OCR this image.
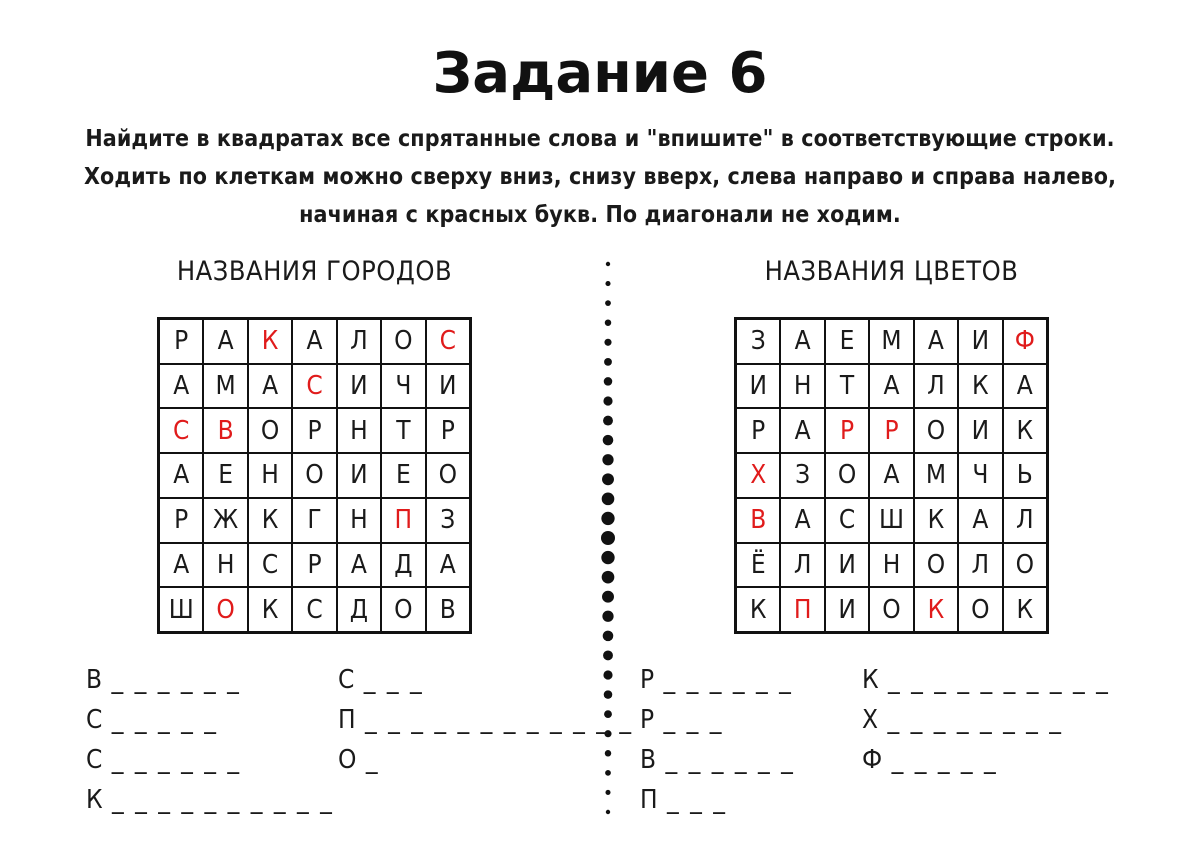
Задание 6
Найдите в квадратах все спрятанные слова и "впишите" в соответствующие строки.
Ходить по клеткам можно сверху вниз, снизу вверх, слева направо и справа налево,
начиная с красных букв. По диагонали не ходим.
НАЗВАНИЯ ГОРОДОВ	НАЗВАНИЯ ЦВЕТОВ
Р	А	К	А	Л	О	С
А	М	А	С	И	Ч	И
С	В	О	Р	Н	Т	Р
А	Е	Н	О	И	Е	О
Р Ж К	Г	Н	П	З
А	Н	С	Р	А	Д	А
Ш О	К	С	Д	О	В
З	А	Е	М	А	И Ф
И	Н	Т	А	Л	К	А
Р	А	Р	Р	О	И	К
Х	З	О	А	М	Ч	Ь
В	А	С Ш К	А	Л
Ё	Л	И	Н	О	Л	О
К	П	И	О	К	О	К
В _ _ _ _ _ _
С _ _ _ _ _
С _ _ _ _ _ _
К _ _ _ _ _ _ _ _ _ _
С _ _ _
П _ _ _ _ _ _ _ _ _ _ _ _
О _
Р _ _ _ _ _ _
Р _ _ _
В _ _ _ _ _ _
П _ _ _
К _ _ _ _ _ _ _ _ _ _
Х _ _ _ _ _ _ _ _
Ф _ _ _ _ _
